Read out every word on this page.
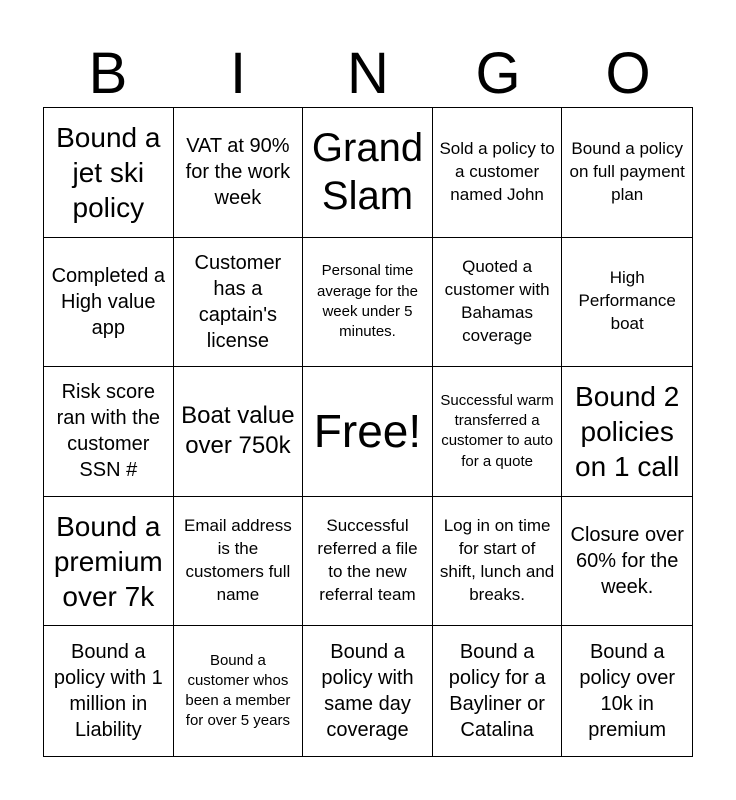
B	I	N	G	O
Bound a jet ski policy
VAT at 90% for the work week
Grand Slam
Sold a policy to a customer named John
Bound a policy on full payment plan
Completed a High value app
Customer has a captain's license
Personal time average for the week under 5 minutes.
Quoted a customer with Bahamas coverage
High Performance boat
Risk score ran with the customer SSN #
Boat value over 750k Free!
Successful warm transferred a customer to auto for a quote
Bound 2 policies on 1 call
Bound a premium over 7k
Email address is the customers full name
Successful referred a file to the new referral team
Log in on time for start of shift, lunch and breaks.
Closure over 60% for the week.
Bound a policy with 1 million in Liability
Bound a customer whos been a member for over 5 years
Bound a policy with same day coverage
Bound a policy for a Bayliner or Catalina
Bound a policy over 10k in premium
